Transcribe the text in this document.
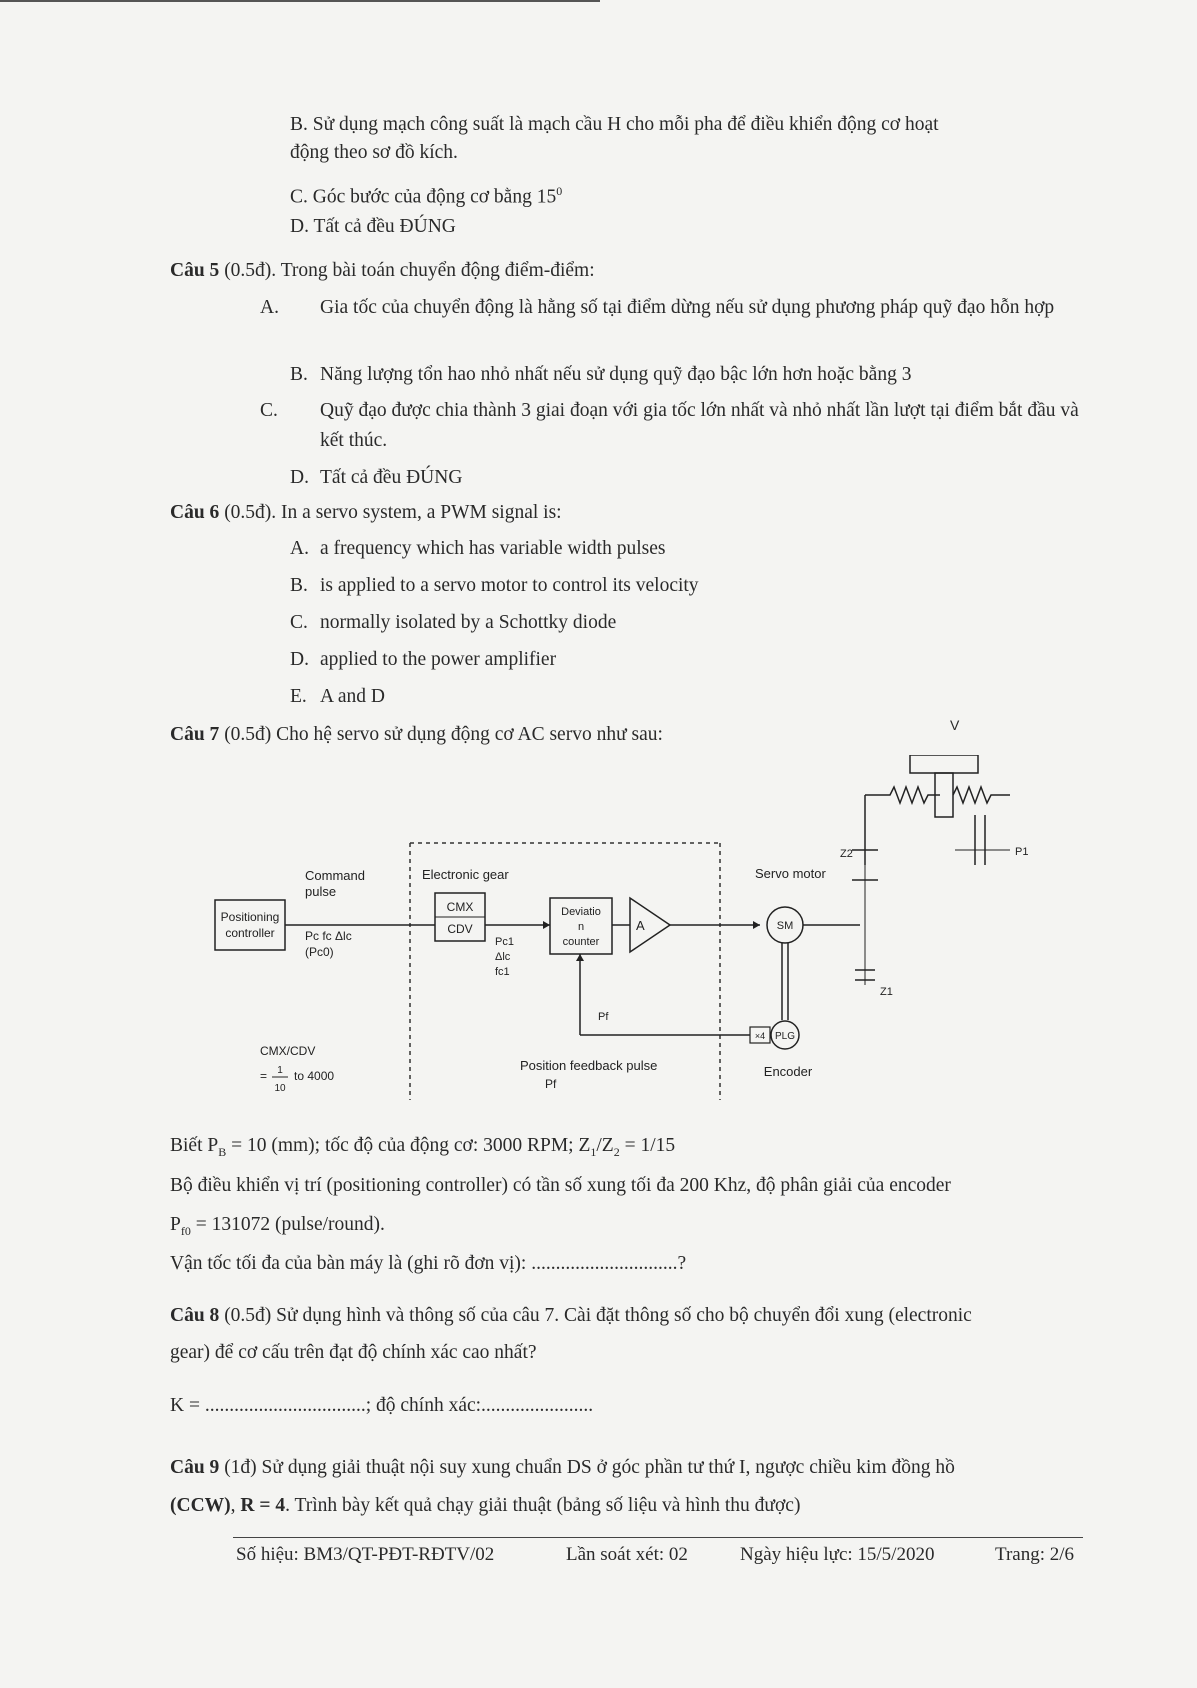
B. Sử dụng mạch công suất là mạch cầu H cho mỗi pha để điều khiển động cơ hoạt
động theo sơ đồ kích.
C. Góc bước của động cơ bằng $15^0$
D. Tất cả đều ĐÚNG
Câu 5 (0.5đ). Trong bài toán chuyển động điểm-điểm:
A. Gia tốc của chuyển động là hằng số tại điểm dừng nếu sử dụng phương pháp quỹ đạo hỗn hợp
B. Năng lượng tổn hao nhỏ nhất nếu sử dụng quỹ đạo bậc lớn hơn hoặc bằng 3
C. Quỹ đạo được chia thành 3 giai đoạn với gia tốc lớn nhất và nhỏ nhất lần lượt tại điểm bắt đầu và kết thúc.
D. Tất cả đều ĐÚNG
Câu 6 (0.5đ). In a servo system, a PWM signal is:
A. a frequency which has variable width pulses
B. is applied to a servo motor to control its velocity
C. normally isolated by a Schottky diode
D. applied to the power amplifier
E. A and D
Câu 7 (0.5đ) Cho hệ servo sử dụng động cơ AC servo như sau:
Positioning
controller
Command
pulse
Pc fc Δlc
(Pc0)
Electronic gear
CMX
CDV
Pc1
Δlc
fc1
Deviatio
n
counter
A
Servo motor
SM
PLG
×4
Encoder
Pf
Position feedback pulse
Pf
CMX/CDV
= 1
10
to 4000
Z2
Z1
P1
V
Biết $P_B = 10$ (mm); tốc độ của động cơ: 3000 RPM; $Z_1/Z_2 = 1/15$
Bộ điều khiển vị trí (positioning controller) có tần số xung tối đa 200 Khz, độ phân giải của encoder
$P_{f0} = 131072$ (pulse/round).
Vận tốc tối đa của bàn máy là (ghi rõ đơn vị): ..............................?
Câu 8 (0.5đ) Sử dụng hình và thông số của câu 7. Cài đặt thông số cho bộ chuyển đổi xung (electronic
gear) để cơ cấu trên đạt độ chính xác cao nhất?
K = .................................; độ chính xác:.......................
Câu 9 (1đ) Sử dụng giải thuật nội suy xung chuẩn DS ở góc phần tư thứ I, ngược chiều kim đồng hồ
(CCW), R = 4. Trình bày kết quả chạy giải thuật (bảng số liệu và hình thu được)
Số hiệu: BM3/QT-PĐT-RĐTV/02	Lần soát xét: 02	Ngày hiệu lực: 15/5/2020	Trang: 2/6
